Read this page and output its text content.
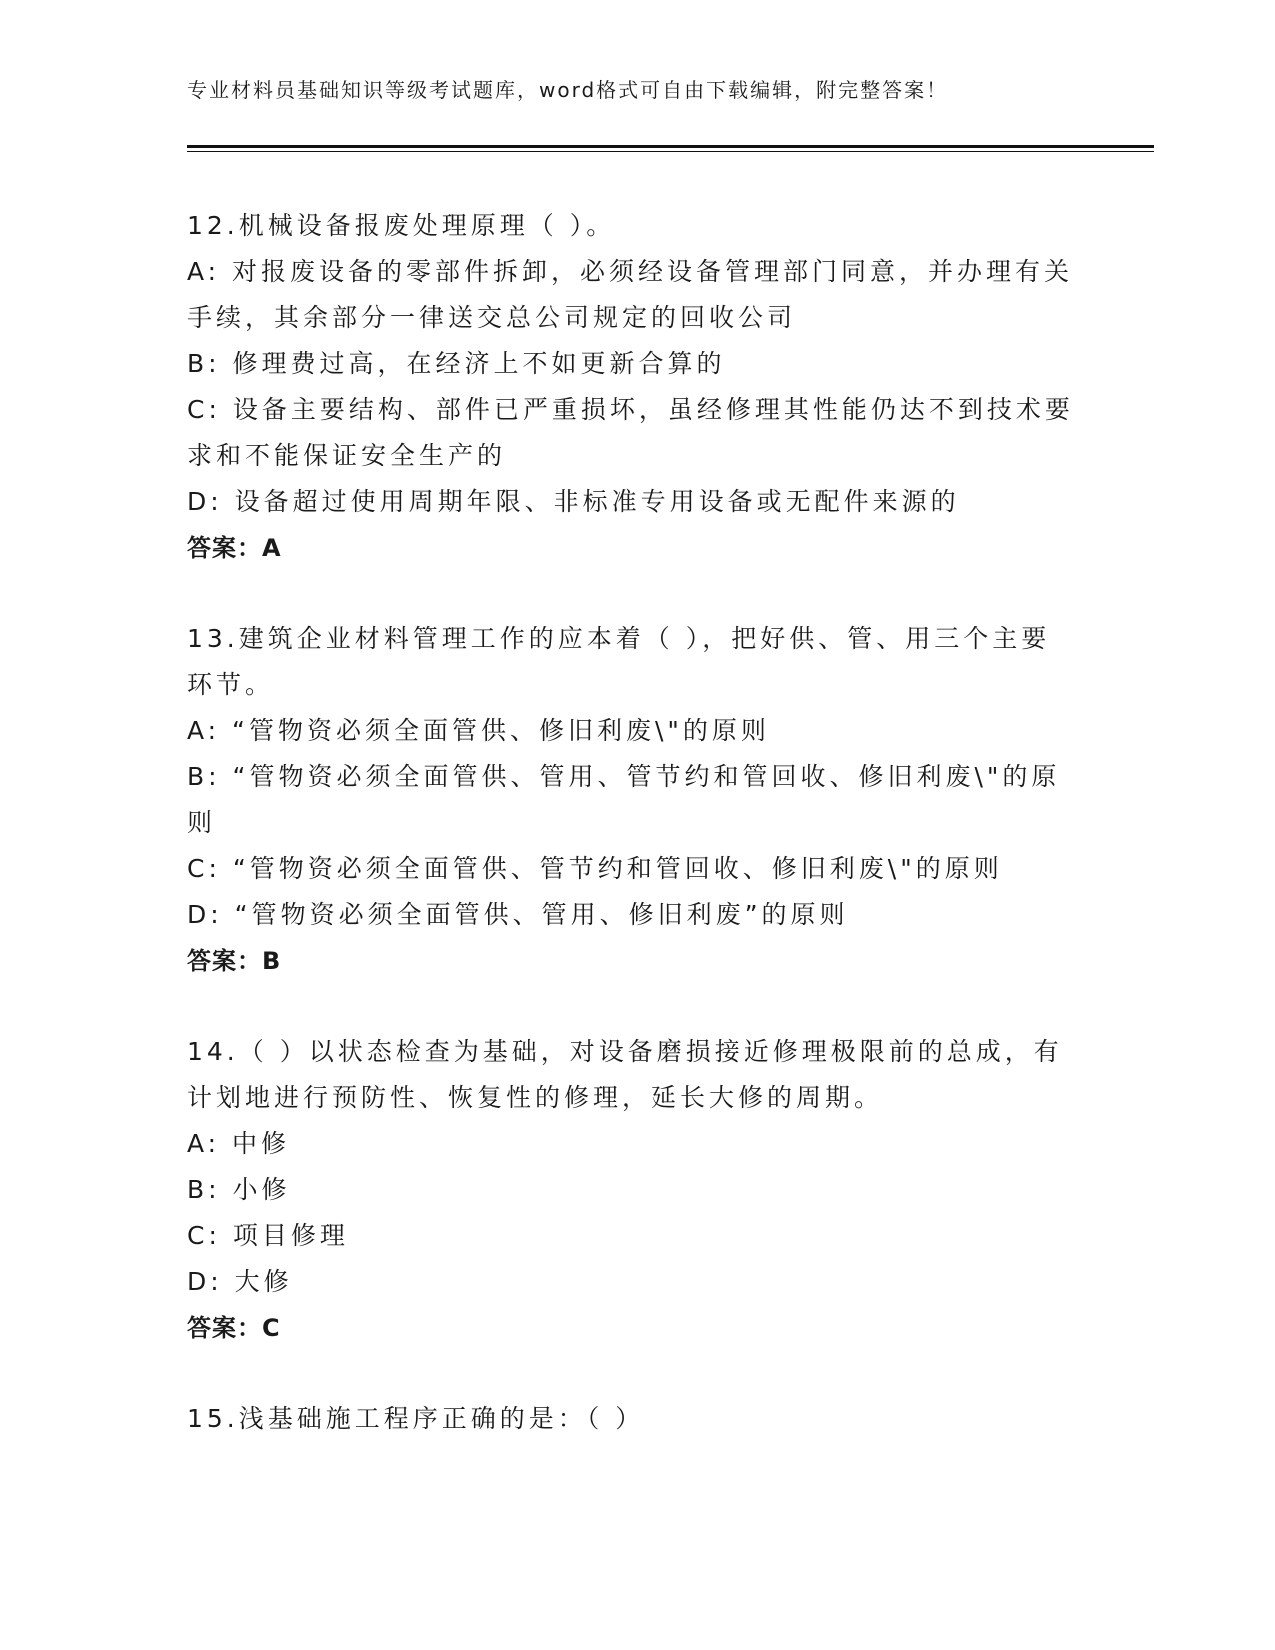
专业材料员基础知识等级考试题库，word格式可自由下载编辑，附完整答案！
12.机械设备报废处理原理（ ）。
A: 对报废设备的零部件拆卸，必须经设备管理部门同意，并办理有关
手续，其余部分一律送交总公司规定的回收公司
B: 修理费过高，在经济上不如更新合算的
C: 设备主要结构、部件已严重损坏，虽经修理其性能仍达不到技术要
求和不能保证安全生产的
D: 设备超过使用周期年限、非标准专用设备或无配件来源的
答案：A
13.建筑企业材料管理工作的应本着（ ），把好供、管、用三个主要
环节。
A: “管物资必须全面管供、修旧利废\"的原则
B: “管物资必须全面管供、管用、管节约和管回收、修旧利废\"的原
则
C: “管物资必须全面管供、管节约和管回收、修旧利废\"的原则
D: “管物资必须全面管供、管用、修旧利废”的原则
答案：B
14.（ ）以状态检查为基础，对设备磨损接近修理极限前的总成，有
计划地进行预防性、恢复性的修理，延长大修的周期。
A: 中修
B: 小修
C: 项目修理
D: 大修
答案：C
15.浅基础施工程序正确的是：（ ）
